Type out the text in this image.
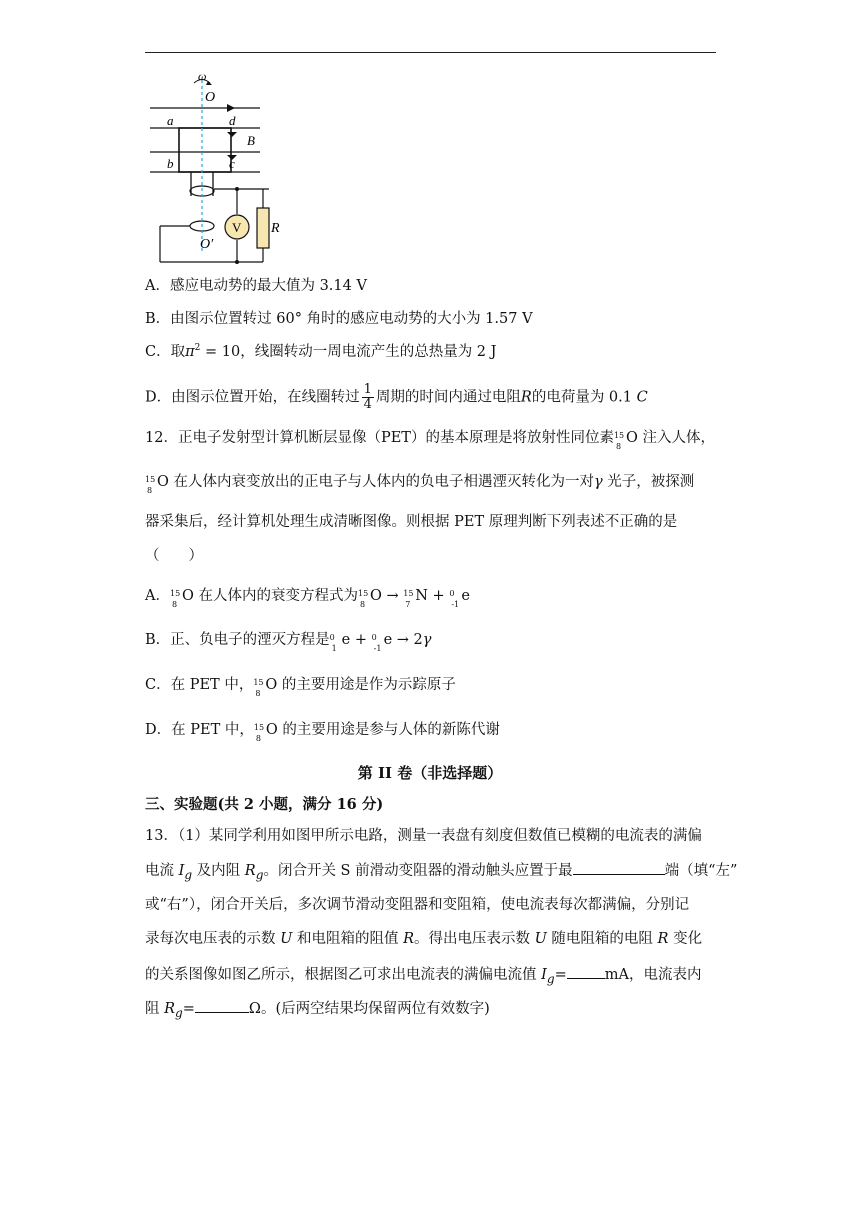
ω
O
a	d
B
b	c
V R
O′
A．感应电动势的最大值为 3.14 V
B．由图示位置转过 60° 角时的感应电动势的大小为 1.57 V
C．取$\pi^2 = 10$，线圈转动一周电流产生的总热量为 2 J
D．由图示位置开始，在线圈转过 $\frac{1}{4}$ 周期的时间内通过电阻R的电荷量为 0.1 C
12．正电子发射型计算机断层显像（PET）的基本原理是将放射性同位素 15
8
O 注入人体，
15
8
O 在人体内衰变放出的正电子与人体内的负电子相遇湮灭转化为一对γ 光子，被探测
器采集后，经计算机处理生成清晰图像。则根据 PET 原理判断下列表述不正确的是
（　　）
A． 15
8
O 在人体内的衰变方程式为 15
8
O → 15
7
N + 0
-1
e
B．正、负电子的湮灭方程是 0
1
e + 0
-1
e → 2γ
C．在 PET 中， 15
8
O 的主要用途是作为示踪原子
D．在 PET 中， 15
8
O 的主要用途是参与人体的新陈代谢
第 II 卷（非选择题）
三、实验题(共 2 小题，满分 16 分)
13．（1）某同学利用如图甲所示电路，测量一表盘有刻度但数值已模糊的电流表的满偏
电流 $I_g$ 及内阻 $R_g$。闭合开关 S 前滑动变阻器的滑动触头应置于最	端（填“左”
或“右”），闭合开关后，多次调节滑动变阻器和变阻箱，使电流表每次都满偏，分别记
录每次电压表的示数 U 和电阻箱的阻值 R。得出电压表示数 U 随电阻箱的电阻 R 变化
的关系图像如图乙所示，根据图乙可求出电流表的满偏电流值 $I_g=$	mA，电流表内
阻 $R_g=$	Ω。(后两空结果均保留两位有效数字)
